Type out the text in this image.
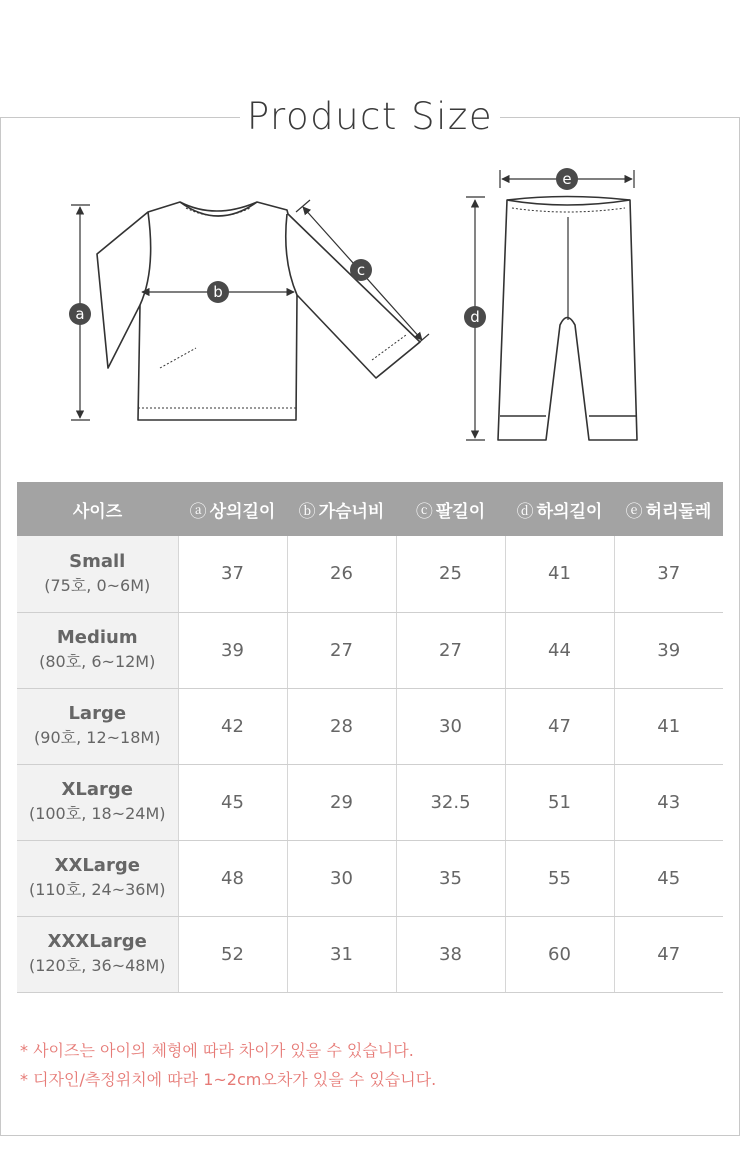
Product Size
a
b
c
d
e
사이즈	ⓐ 상의길이	ⓑ 가슴너비	ⓒ 팔길이	ⓓ 하의길이	ⓔ 허리둘레

Small
(75호, 0~6M)	37	26	25	41	37

Medium
(80호, 6~12M)	39	27	27	44	39

Large
(90호, 12~18M)	42	28	30	47	41

XLarge
(100호, 18~24M)	45	29	32.5	51	43

XXLarge
(110호, 24~36M)	48	30	35	55	45

XXXLarge
(120호, 36~48M)	52	31	38	60	47

* 사이즈는 아이의 체형에 따라 차이가 있을 수 있습니다.

* 디자인/측정위치에 따라 1~2cm오차가 있을 수 있습니다.
